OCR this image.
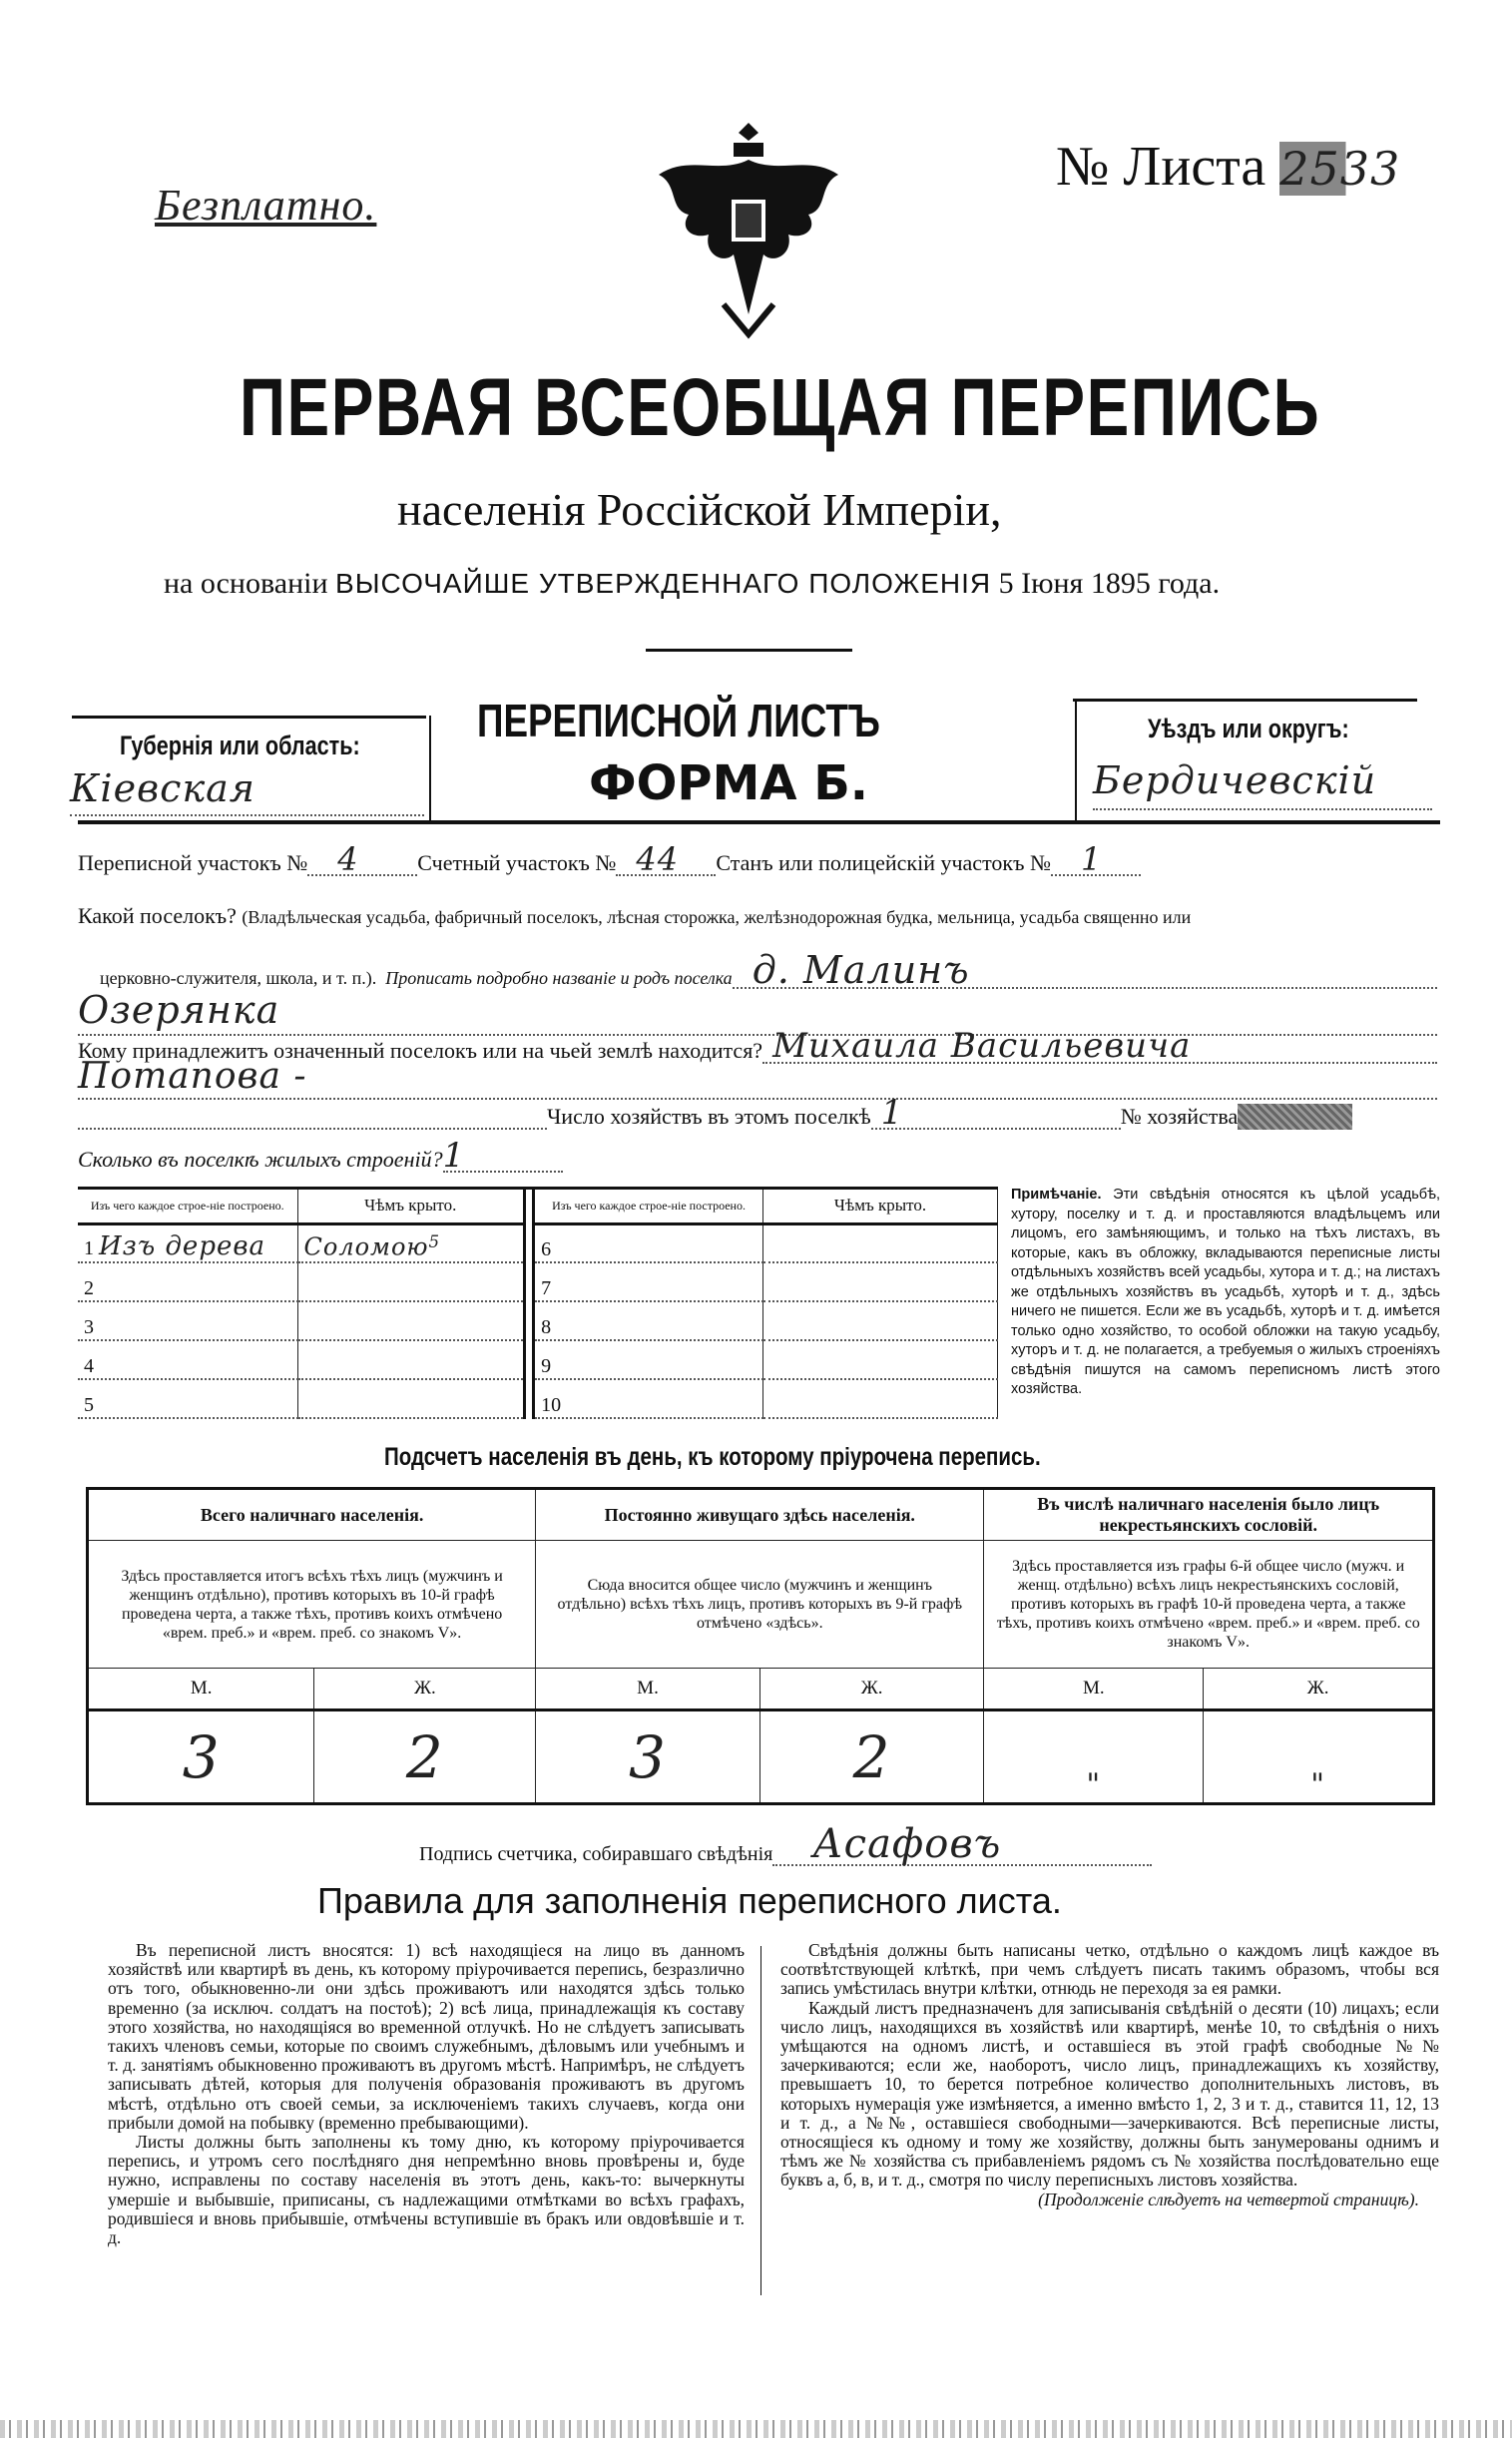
Безплатно.
№ Листа 2533
ПЕРВАЯ ВСЕОБЩАЯ ПЕРЕПИСЬ
населенія Россійской Имперіи,
на основаніи ВЫСОЧАЙШЕ УТВЕРЖДЕННАГО ПОЛОЖЕНІЯ 5 Іюня 1895 года.
Губернія или область:
Кіевская
ПЕРЕПИСНОЙ ЛИСТЪ
ФОРМА Б.
Уѣздъ или округъ:
Бердичевскій
Переписной участокъ № 4	Счетный участокъ № 44	Станъ или полицейскій участокъ № 1
Какой поселокъ? (Владѣльческая усадьба, фабричный поселокъ, лѣсная сторожка, желѣзнодорожная будка, мельница, усадьба священно или
церковно-служителя, школа, и т. п.).
Прописать подробно названіе и родъ поселка д. Малинъ
Озерянка
Кому принадлежитъ означенный поселокъ или на чьей землѣ находится? Михаила Васильевича
Потапова -
Число хозяйствъ въ этомъ поселкѣ 1	№ хозяйства
Сколько въ поселкѣ жилыхъ строеній? 1
Изъ чего каждое строе-ніе построено.	Чѣмъ крыто.
1 Изъ дерева	Соломою$^5$
2	
3	
4	
5	
Изъ чего каждое строе-ніе построено.	Чѣмъ крыто.
6	
7	
8	
9	
10	
Примѣчаніе. Эти свѣдѣнія относятся къ цѣлой усадьбѣ, хутору, поселку и т. д. и проставляются владѣльцемъ или лицомъ, его замѣняющимъ, и только на тѣхъ листахъ, въ которые, какъ въ обложку, вкладываются переписные листы отдѣльныхъ хозяйствъ всей усадьбы, хутора и т. д.; на листахъ же отдѣльныхъ хозяйствъ въ усадьбѣ, хуторѣ и т. д., здѣсь ничего не пишется. Если же въ усадьбѣ, хуторѣ и т. д. имѣется только одно хозяйство, то особой обложки на такую усадьбу, хуторъ и т. д. не полагается, а требуемыя о жилыхъ строеніяхъ свѣдѣнія пишутся на самомъ переписномъ листѣ этого хозяйства.
Подсчетъ населенія въ день, къ которому пріурочена перепись.
Всего наличнаго населенія.		Постоянно живущаго здѣсь населенія.		Въ числѣ наличнаго населенія было лицъ некрестьянскихъ сословій.	
Здѣсь проставляется итогъ всѣхъ тѣхъ лицъ (мужчинъ и женщинъ отдѣльно), противъ которыхъ въ 10-й графѣ проведена черта, а также тѣхъ, противъ коихъ отмѣчено «врем. преб.» и «врем. преб. со знакомъ V».		Сюда вносится общее число (мужчинъ и женщинъ отдѣльно) всѣхъ тѣхъ лицъ, противъ которыхъ въ 9-й графѣ отмѣчено «здѣсь».		Здѣсь проставляется изъ графы 6-й общее число (мужч. и женщ. отдѣльно) всѣхъ лицъ некрестьянскихъ сословій, противъ которыхъ въ графѣ 10-й проведена черта, а также тѣхъ, противъ коихъ отмѣчено «врем. преб.» и «врем. преб. со знакомъ V».	
М.	Ж.	М.	Ж.	М.	Ж.
3	2	3	2	"	"
Подпись счетчика, собиравшаго свѣдѣнія	Асафовъ
Правила для заполненія переписного листа.

Въ переписной листъ вносятся: 1) всѣ находящіеся на лицо въ данномъ хозяйствѣ или квартирѣ въ день, къ которому пріурочивается перепись, безразлично отъ того, обыкновенно-ли они здѣсь проживаютъ или находятся здѣсь только временно (за исключ. солдатъ на постоѣ); 2) всѣ лица, принадлежащія къ составу этого хозяйства, но находящіяся во временной отлучкѣ. Но не слѣдуетъ записывать такихъ членовъ семьи, которые по своимъ служебнымъ, дѣловымъ или учебнымъ и т. д. занятіямъ обыкновенно проживаютъ въ другомъ мѣстѣ. Напримѣръ, не слѣдуетъ записывать дѣтей, которыя для полученія образованія проживаютъ въ другомъ мѣстѣ, отдѣльно отъ своей семьи, за исключеніемъ такихъ случаевъ, когда они прибыли домой на побывку (временно пребывающими).

Листы должны быть заполнены къ тому дню, къ которому пріурочивается перепись, и утромъ сего послѣдняго дня непремѣнно вновь провѣрены и, буде нужно, исправлены по составу населенія въ этотъ день, какъ-то: вычеркнуты умершіе и выбывшіе, приписаны, съ надлежащими отмѣтками во всѣхъ графахъ, родившіеся и вновь прибывшіе, отмѣчены вступившіе въ бракъ или овдовѣвшіе и т. д.

Свѣдѣнія должны быть написаны четко, отдѣльно о каждомъ лицѣ каждое въ соотвѣтствующей клѣткѣ, при чемъ слѣдуетъ писать такимъ образомъ, чтобы вся запись умѣстилась внутри клѣтки, отнюдь не переходя за ея рамки.

Каждый листъ предназначенъ для записыванія свѣдѣній о десяти (10) лицахъ; если число лицъ, находящихся въ хозяйствѣ или квартирѣ, менѣе 10, то свѣдѣнія о нихъ умѣщаются на одномъ листѣ, и оставшіеся въ этой графѣ свободные №№ зачеркиваются; если же, наоборотъ, число лицъ, принадлежащихъ къ хозяйству, превышаетъ 10, то берется потребное количество дополнительныхъ листовъ, въ которыхъ нумерація уже измѣняется, а именно вмѣсто 1, 2, 3 и т. д., ставится 11, 12, 13 и т. д., а №№, оставшіеся свободными—зачеркиваются. Всѣ переписные листы, относящіеся къ одному и тому же хозяйству, должны быть занумерованы однимъ и тѣмъ же № хозяйства съ прибавленіемъ рядомъ съ № хозяйства послѣдовательно еще буквъ а, б, в, и т. д., смотря по числу переписныхъ листовъ хозяйства.

(Продолженіе слѣдуетъ на четвертой страницѣ).
